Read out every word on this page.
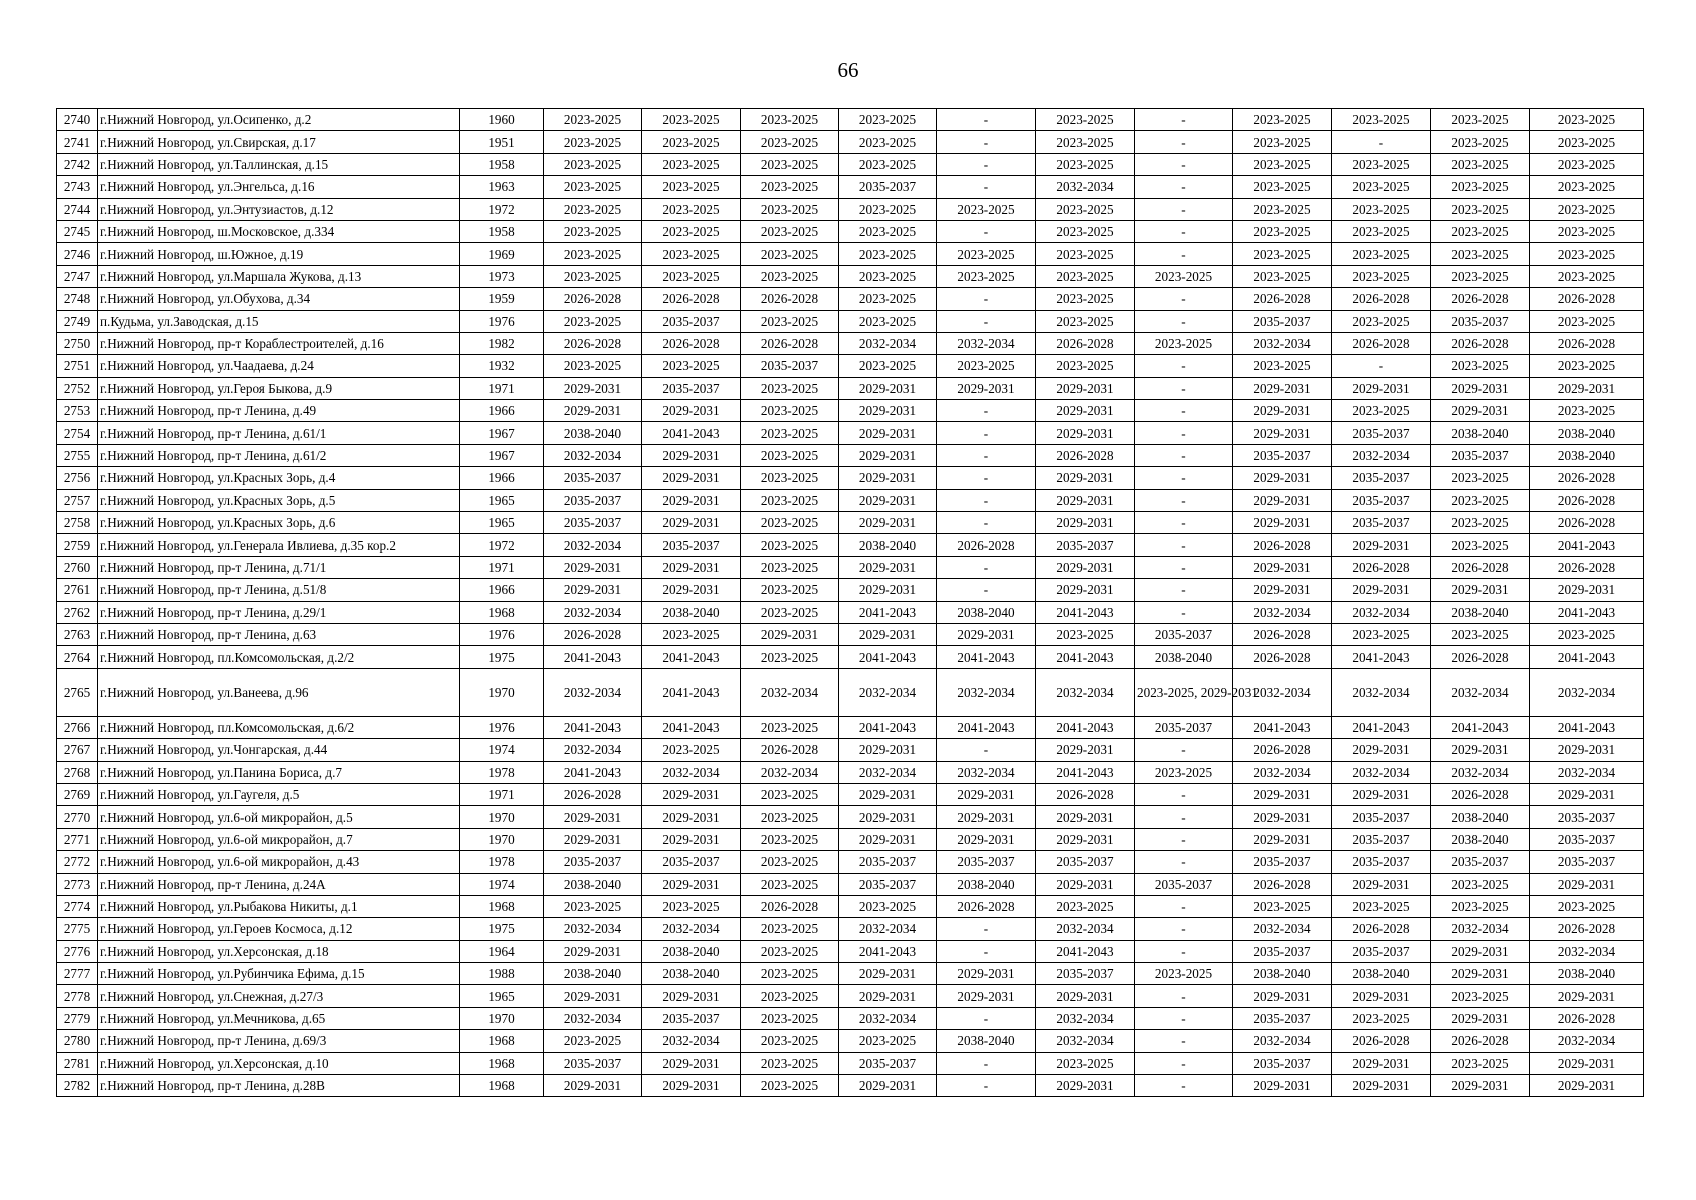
66
2740	г.Нижний Новгород, ул.Осипенко, д.2	1960	2023-2025	2023-2025	2023-2025	2023-2025	-	2023-2025	-	2023-2025	2023-2025	2023-2025	2023-2025
2741	г.Нижний Новгород, ул.Свирская, д.17	1951	2023-2025	2023-2025	2023-2025	2023-2025	-	2023-2025	-	2023-2025	-	2023-2025	2023-2025
2742	г.Нижний Новгород, ул.Таллинская, д.15	1958	2023-2025	2023-2025	2023-2025	2023-2025	-	2023-2025	-	2023-2025	2023-2025	2023-2025	2023-2025
2743	г.Нижний Новгород, ул.Энгельса, д.16	1963	2023-2025	2023-2025	2023-2025	2035-2037	-	2032-2034	-	2023-2025	2023-2025	2023-2025	2023-2025
2744	г.Нижний Новгород, ул.Энтузиастов, д.12	1972	2023-2025	2023-2025	2023-2025	2023-2025	2023-2025	2023-2025	-	2023-2025	2023-2025	2023-2025	2023-2025
2745	г.Нижний Новгород, ш.Московское, д.334	1958	2023-2025	2023-2025	2023-2025	2023-2025	-	2023-2025	-	2023-2025	2023-2025	2023-2025	2023-2025
2746	г.Нижний Новгород, ш.Южное, д.19	1969	2023-2025	2023-2025	2023-2025	2023-2025	2023-2025	2023-2025	-	2023-2025	2023-2025	2023-2025	2023-2025
2747	г.Нижний Новгород, ул.Маршала Жукова, д.13	1973	2023-2025	2023-2025	2023-2025	2023-2025	2023-2025	2023-2025	2023-2025	2023-2025	2023-2025	2023-2025	2023-2025
2748	г.Нижний Новгород, ул.Обухова, д.34	1959	2026-2028	2026-2028	2026-2028	2023-2025	-	2023-2025	-	2026-2028	2026-2028	2026-2028	2026-2028
2749	п.Кудьма, ул.Заводская, д.15	1976	2023-2025	2035-2037	2023-2025	2023-2025	-	2023-2025	-	2035-2037	2023-2025	2035-2037	2023-2025
2750	г.Нижний Новгород, пр-т Кораблестроителей, д.16	1982	2026-2028	2026-2028	2026-2028	2032-2034	2032-2034	2026-2028	2023-2025	2032-2034	2026-2028	2026-2028	2026-2028
2751	г.Нижний Новгород, ул.Чаадаева, д.24	1932	2023-2025	2023-2025	2035-2037	2023-2025	2023-2025	2023-2025	-	2023-2025	-	2023-2025	2023-2025
2752	г.Нижний Новгород, ул.Героя Быкова, д.9	1971	2029-2031	2035-2037	2023-2025	2029-2031	2029-2031	2029-2031	-	2029-2031	2029-2031	2029-2031	2029-2031
2753	г.Нижний Новгород, пр-т Ленина, д.49	1966	2029-2031	2029-2031	2023-2025	2029-2031	-	2029-2031	-	2029-2031	2023-2025	2029-2031	2023-2025
2754	г.Нижний Новгород, пр-т Ленина, д.61/1	1967	2038-2040	2041-2043	2023-2025	2029-2031	-	2029-2031	-	2029-2031	2035-2037	2038-2040	2038-2040
2755	г.Нижний Новгород, пр-т Ленина, д.61/2	1967	2032-2034	2029-2031	2023-2025	2029-2031	-	2026-2028	-	2035-2037	2032-2034	2035-2037	2038-2040
2756	г.Нижний Новгород, ул.Красных Зорь, д.4	1966	2035-2037	2029-2031	2023-2025	2029-2031	-	2029-2031	-	2029-2031	2035-2037	2023-2025	2026-2028
2757	г.Нижний Новгород, ул.Красных Зорь, д.5	1965	2035-2037	2029-2031	2023-2025	2029-2031	-	2029-2031	-	2029-2031	2035-2037	2023-2025	2026-2028
2758	г.Нижний Новгород, ул.Красных Зорь, д.6	1965	2035-2037	2029-2031	2023-2025	2029-2031	-	2029-2031	-	2029-2031	2035-2037	2023-2025	2026-2028
2759	г.Нижний Новгород, ул.Генерала Ивлиева, д.35 кор.2	1972	2032-2034	2035-2037	2023-2025	2038-2040	2026-2028	2035-2037	-	2026-2028	2029-2031	2023-2025	2041-2043
2760	г.Нижний Новгород, пр-т Ленина, д.71/1	1971	2029-2031	2029-2031	2023-2025	2029-2031	-	2029-2031	-	2029-2031	2026-2028	2026-2028	2026-2028
2761	г.Нижний Новгород, пр-т Ленина, д.51/8	1966	2029-2031	2029-2031	2023-2025	2029-2031	-	2029-2031	-	2029-2031	2029-2031	2029-2031	2029-2031
2762	г.Нижний Новгород, пр-т Ленина, д.29/1	1968	2032-2034	2038-2040	2023-2025	2041-2043	2038-2040	2041-2043	-	2032-2034	2032-2034	2038-2040	2041-2043
2763	г.Нижний Новгород, пр-т Ленина, д.63	1976	2026-2028	2023-2025	2029-2031	2029-2031	2029-2031	2023-2025	2035-2037	2026-2028	2023-2025	2023-2025	2023-2025
2764	г.Нижний Новгород, пл.Комсомольская, д.2/2	1975	2041-2043	2041-2043	2023-2025	2041-2043	2041-2043	2041-2043	2038-2040	2026-2028	2041-2043	2026-2028	2041-2043
2765	г.Нижний Новгород, ул.Ванеева, д.96	1970	2032-2034	2041-2043	2032-2034	2032-2034	2032-2034	2032-2034	2023-2025, 2029-2031	2032-2034	2032-2034	2032-2034	2032-2034
2766	г.Нижний Новгород, пл.Комсомольская, д.6/2	1976	2041-2043	2041-2043	2023-2025	2041-2043	2041-2043	2041-2043	2035-2037	2041-2043	2041-2043	2041-2043	2041-2043
2767	г.Нижний Новгород, ул.Чонгарская, д.44	1974	2032-2034	2023-2025	2026-2028	2029-2031	-	2029-2031	-	2026-2028	2029-2031	2029-2031	2029-2031
2768	г.Нижний Новгород, ул.Панина Бориса, д.7	1978	2041-2043	2032-2034	2032-2034	2032-2034	2032-2034	2041-2043	2023-2025	2032-2034	2032-2034	2032-2034	2032-2034
2769	г.Нижний Новгород, ул.Гаугеля, д.5	1971	2026-2028	2029-2031	2023-2025	2029-2031	2029-2031	2026-2028	-	2029-2031	2029-2031	2026-2028	2029-2031
2770	г.Нижний Новгород, ул.6-ой микрорайон, д.5	1970	2029-2031	2029-2031	2023-2025	2029-2031	2029-2031	2029-2031	-	2029-2031	2035-2037	2038-2040	2035-2037
2771	г.Нижний Новгород, ул.6-ой микрорайон, д.7	1970	2029-2031	2029-2031	2023-2025	2029-2031	2029-2031	2029-2031	-	2029-2031	2035-2037	2038-2040	2035-2037
2772	г.Нижний Новгород, ул.6-ой микрорайон, д.43	1978	2035-2037	2035-2037	2023-2025	2035-2037	2035-2037	2035-2037	-	2035-2037	2035-2037	2035-2037	2035-2037
2773	г.Нижний Новгород, пр-т Ленина, д.24А	1974	2038-2040	2029-2031	2023-2025	2035-2037	2038-2040	2029-2031	2035-2037	2026-2028	2029-2031	2023-2025	2029-2031
2774	г.Нижний Новгород, ул.Рыбакова Никиты, д.1	1968	2023-2025	2023-2025	2026-2028	2023-2025	2026-2028	2023-2025	-	2023-2025	2023-2025	2023-2025	2023-2025
2775	г.Нижний Новгород, ул.Героев Космоса, д.12	1975	2032-2034	2032-2034	2023-2025	2032-2034	-	2032-2034	-	2032-2034	2026-2028	2032-2034	2026-2028
2776	г.Нижний Новгород, ул.Херсонская, д.18	1964	2029-2031	2038-2040	2023-2025	2041-2043	-	2041-2043	-	2035-2037	2035-2037	2029-2031	2032-2034
2777	г.Нижний Новгород, ул.Рубинчика Ефима, д.15	1988	2038-2040	2038-2040	2023-2025	2029-2031	2029-2031	2035-2037	2023-2025	2038-2040	2038-2040	2029-2031	2038-2040
2778	г.Нижний Новгород, ул.Снежная, д.27/3	1965	2029-2031	2029-2031	2023-2025	2029-2031	2029-2031	2029-2031	-	2029-2031	2029-2031	2023-2025	2029-2031
2779	г.Нижний Новгород, ул.Мечникова, д.65	1970	2032-2034	2035-2037	2023-2025	2032-2034	-	2032-2034	-	2035-2037	2023-2025	2029-2031	2026-2028
2780	г.Нижний Новгород, пр-т Ленина, д.69/3	1968	2023-2025	2032-2034	2023-2025	2023-2025	2038-2040	2032-2034	-	2032-2034	2026-2028	2026-2028	2032-2034
2781	г.Нижний Новгород, ул.Херсонская, д.10	1968	2035-2037	2029-2031	2023-2025	2035-2037	-	2023-2025	-	2035-2037	2029-2031	2023-2025	2029-2031
2782	г.Нижний Новгород, пр-т Ленина, д.28В	1968	2029-2031	2029-2031	2023-2025	2029-2031	-	2029-2031	-	2029-2031	2029-2031	2029-2031	2029-2031
